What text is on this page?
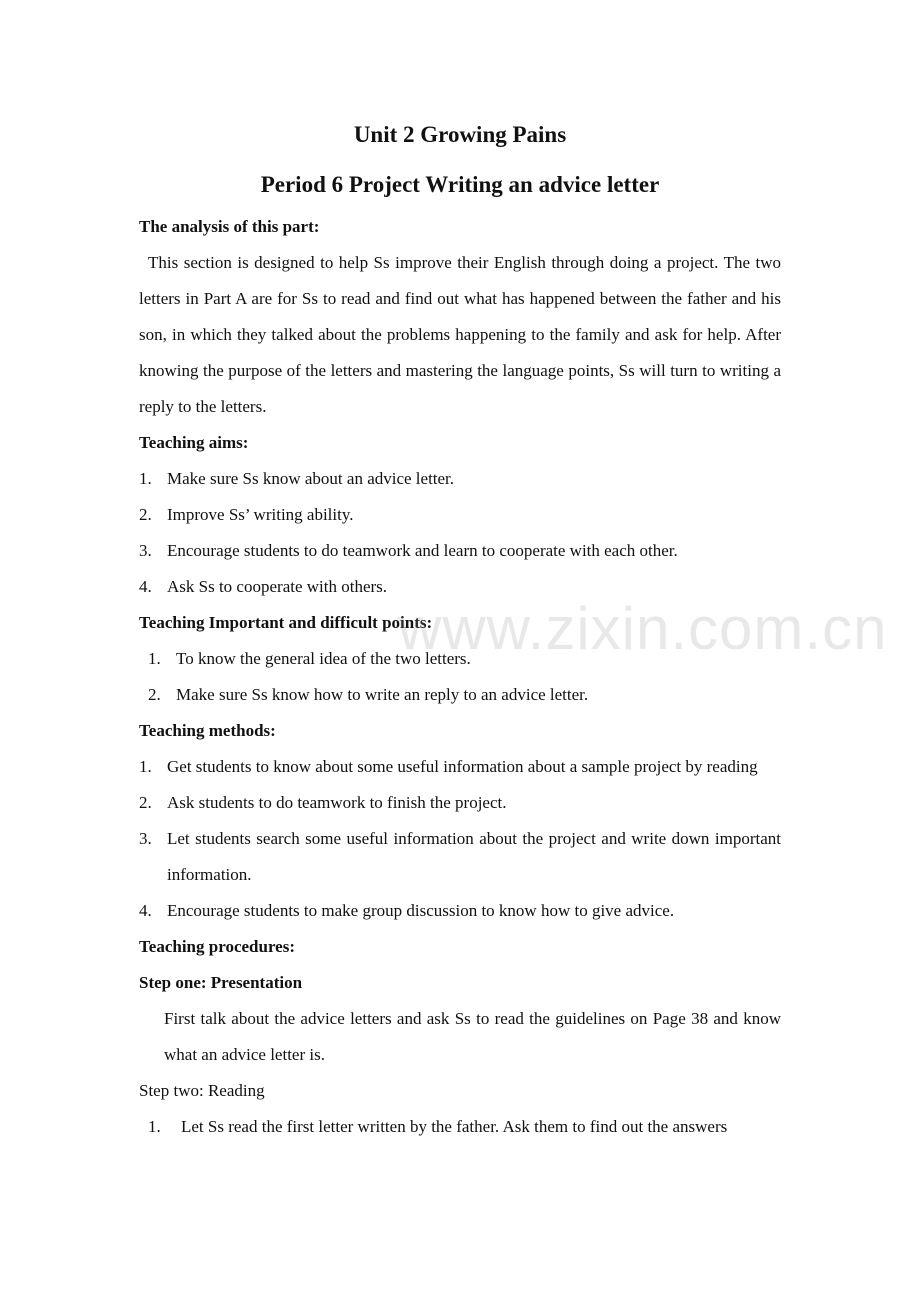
Unit 2 Growing Pains
Period 6 Project Writing an advice letter

The analysis of this part:

This section is designed to help Ss improve their English through doing a project. The two letters in Part A are for Ss to read and find out what has happened between the father and his son, in which they talked about the problems happening to the family and ask for help. After knowing the purpose of the letters and mastering the language points, Ss will turn to writing a reply to the letters.

Teaching aims:

1. Make sure Ss know about an advice letter.
2. Improve Ss’ writing ability.
3. Encourage students to do teamwork and learn to cooperate with each other.
4. Ask Ss to cooperate with others.

Teaching Important and difficult points:

1. To know the general idea of the two letters.
2. Make sure Ss know how to write an reply to an advice letter.

Teaching methods:

1. Get students to know about some useful information about a sample project by reading
2. Ask students to do teamwork to finish the project.
3. Let students search some useful information about the project and write down important information.
4. Encourage students to make group discussion to know how to give advice.

Teaching procedures:

Step one: Presentation

First talk about the advice letters and ask Ss to read the guidelines on Page 38 and know what an advice letter is.

Step two: Reading

1. Let Ss read the first letter written by the father. Ask them to find out the answers
www.zixin.com.cn
